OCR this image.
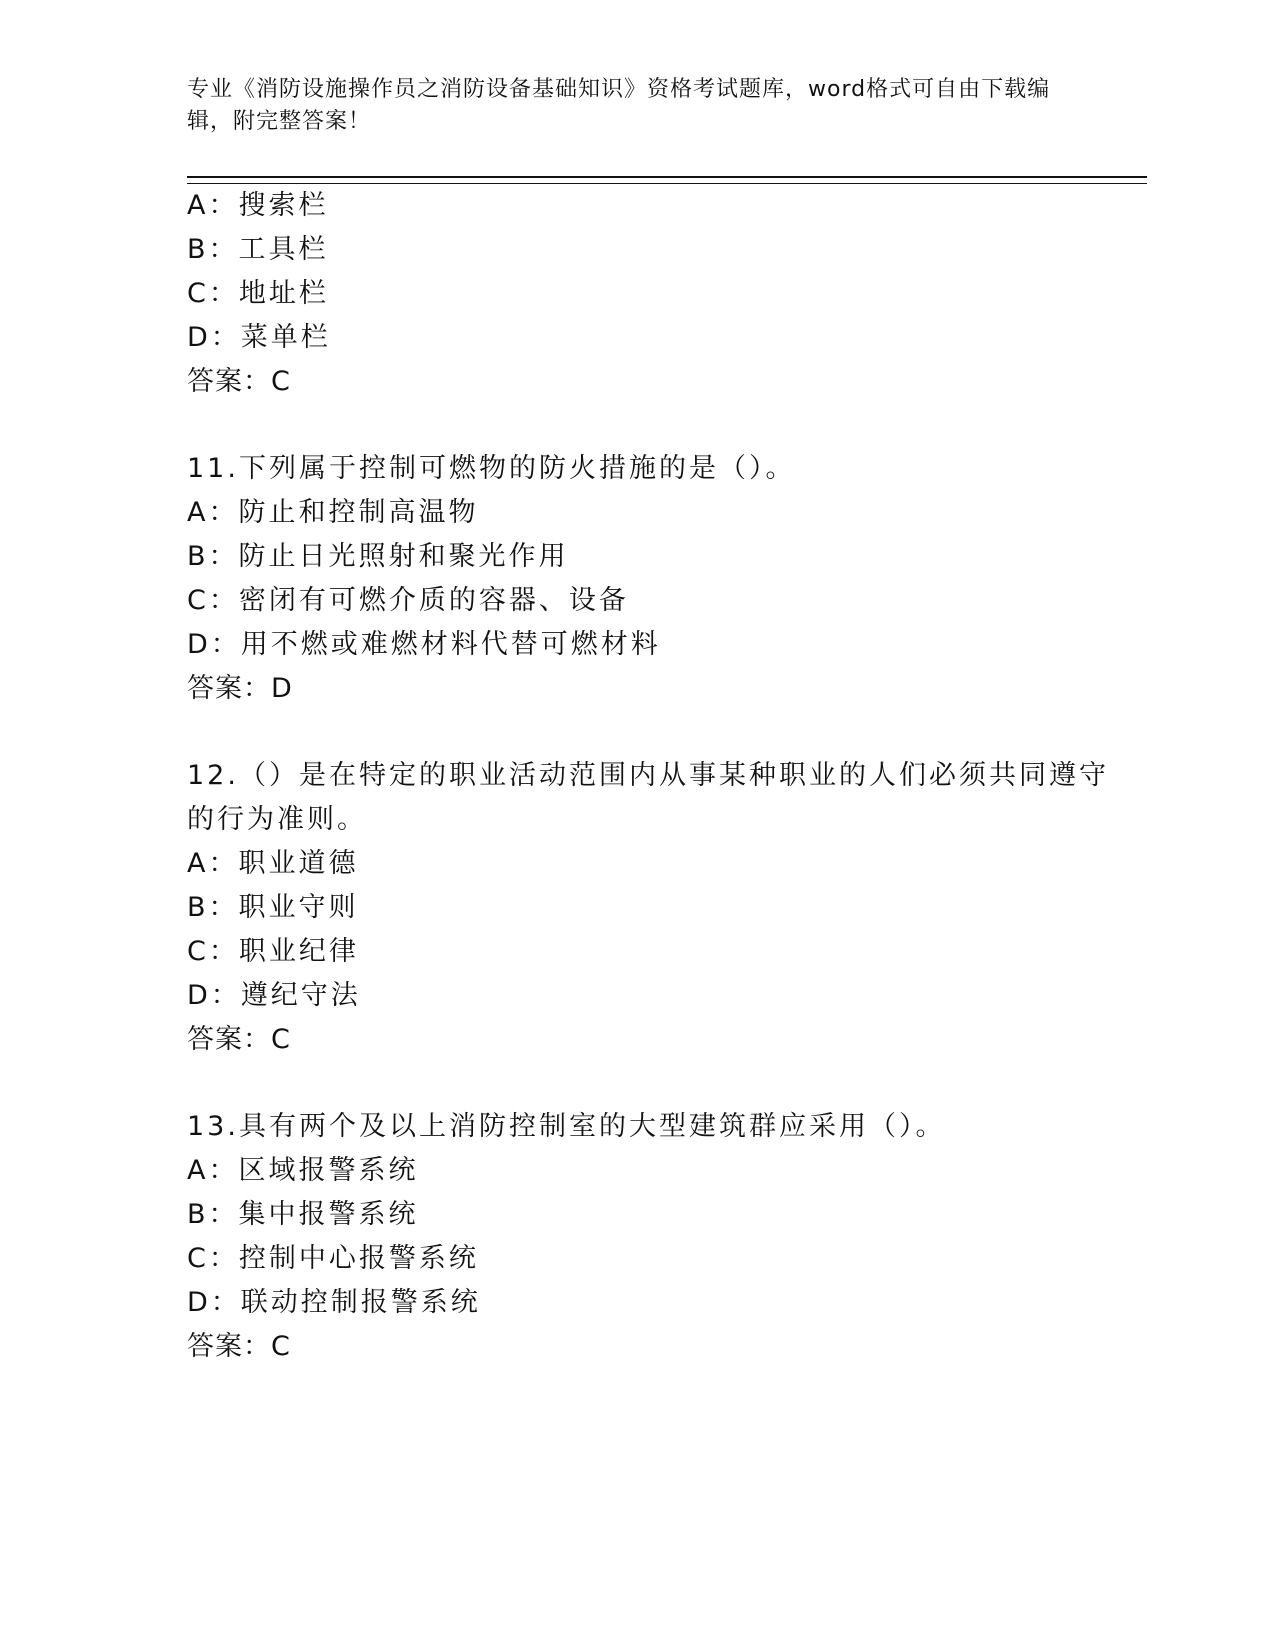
专业《消防设施操作员之消防设备基础知识》资格考试题库，word格式可自由下载编辑，附完整答案！
A：搜索栏
B：工具栏
C：地址栏
D：菜单栏
答案：C
11.下列属于控制可燃物的防火措施的是（）。
A：防止和控制高温物
B：防止日光照射和聚光作用
C：密闭有可燃介质的容器、设备
D：用不燃或难燃材料代替可燃材料
答案：D
12.（）是在特定的职业活动范围内从事某种职业的人们必须共同遵守
的行为准则。
A：职业道德
B：职业守则
C：职业纪律
D：遵纪守法
答案：C
13.具有两个及以上消防控制室的大型建筑群应采用（）。
A：区域报警系统
B：集中报警系统
C：控制中心报警系统
D：联动控制报警系统
答案：C
